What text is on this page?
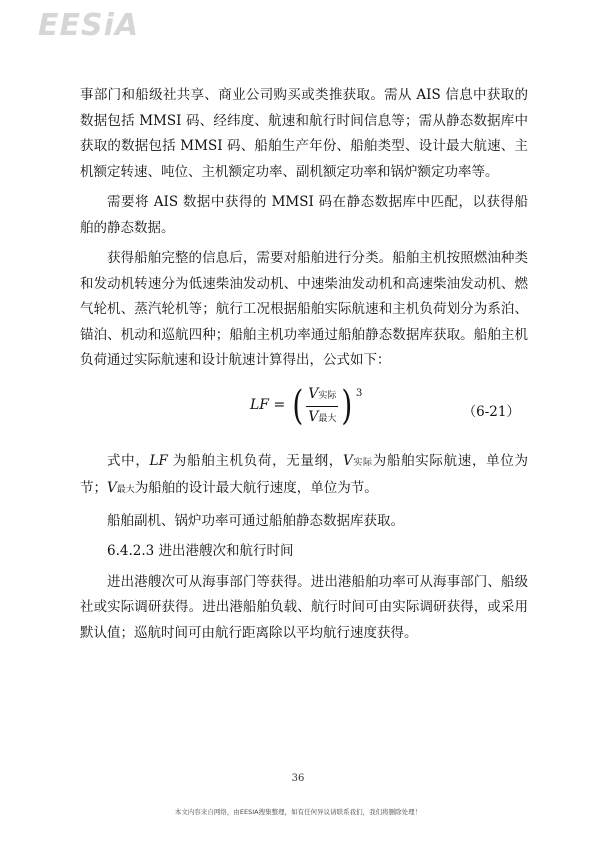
EESiA

事部门和船级社共享、商业公司购买或类推获取。需从 AIS 信息中获取的数据包括 MMSI 码、经纬度、航速和航行时间信息等；需从静态数据库中获取的数据包括 MMSI 码、船舶生产年份、船舶类型、设计最大航速、主机额定转速、吨位、主机额定功率、副机额定功率和锅炉额定功率等。

需要将 AIS 数据中获得的 MMSI 码在静态数据库中匹配，以获得船舶的静态数据。

获得船舶完整的信息后，需要对船舶进行分类。船舶主机按照燃油种类和发动机转速分为低速柴油发动机、中速柴油发动机和高速柴油发动机、燃气轮机、蒸汽轮机等；航行工况根据船舶实际航速和主机负荷划分为系泊、锚泊、机动和巡航四种；船舶主机功率通过船舶静态数据库获取。船舶主机负荷通过实际航速和设计航速计算得出，公式如下：

LF = ( $\frac{\text{V实际}}{\text{V最大}}$ ) 3
（6-21）

式中，LF 为船舶主机负荷，无量纲，V实际为船舶实际航速，单位为节；V最大为船舶的设计最大航行速度，单位为节。

船舶副机、锅炉功率可通过船舶静态数据库获取。

6.4.2.3 进出港艘次和航行时间

进出港艘次可从海事部门等获得。进出港船舶功率可从海事部门、船级社或实际调研获得。进出港船舶负载、航行时间可由实际调研获得，或采用默认值；巡航时间可由航行距离除以平均航行速度获得。

36
本文内容来自网络，由EESIA搜集整理，如有任何异议请联系我们，我们将删除处理！
